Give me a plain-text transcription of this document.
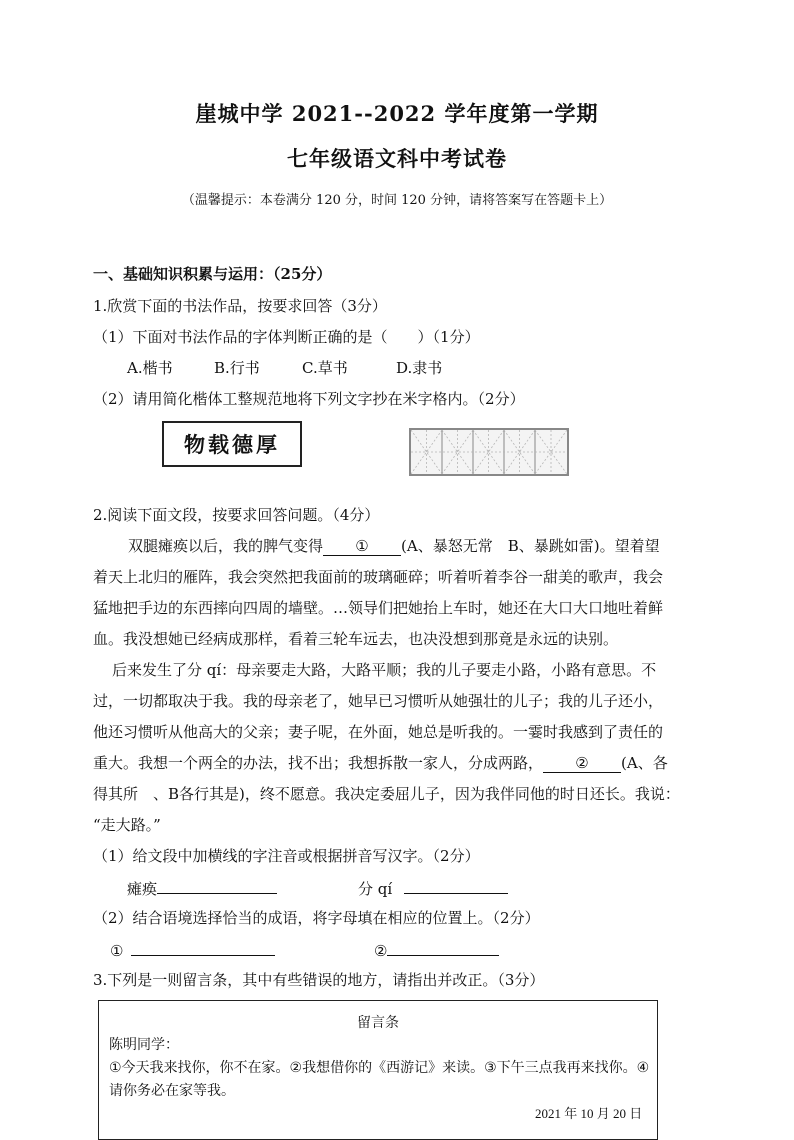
崖城中学 2021--2022 学年度第一学期
七年级语文科中考试卷
（温馨提示：本卷满分 120 分，时间 120 分钟，请将答案写在答题卡上）
一、基础知识积累与运用：（25分）
1.欣赏下面的书法作品，按要求回答（3分）
（1）下面对书法作品的字体判断正确的是（　　）（1分）
A.楷书	B.行书	C.草书	D.隶书
（2）请用简化楷体工整规范地将下列文字抄在米字格内。（2分）
物载德厚
2.阅读下面文段，按要求回答问题。（4分）
双腿瘫痪以后，我的脾气变得 ① (A、暴怒无常　B、暴跳如雷)。望着望
着天上北归的雁阵，我会突然把我面前的玻璃砸碎；听着听着李谷一甜美的歌声，我会
猛地把手边的东西摔向四周的墙壁。…领导们把她抬上车时，她还在大口大口地吐着鲜
血。我没想她已经病成那样，看着三轮车远去，也决没想到那竟是永远的诀别。
后来发生了分 qí：母亲要走大路，大路平顺；我的儿子要走小路，小路有意思。不
过，一切都取决于我。我的母亲老了，她早已习惯听从她强壮的儿子；我的儿子还小，
他还习惯听从他高大的父亲；妻子呢，在外面，她总是听我的。一霎时我感到了责任的
重大。我想一个两全的办法，找不出；我想拆散一家人，分成两路， ② (A、各
得其所　、B各行其是)，终不愿意。我决定委屈儿子，因为我伴同他的时日还长。我说：
“走大路。”
（1）给文段中加横线的字注音或根据拼音写汉字。（2分）
瘫痪	分 qí
（2）结合语境选择恰当的成语，将字母填在相应的位置上。（2分）
①	②
3.下列是一则留言条，其中有些错误的地方，请指出并改正。（3分）
留言条
陈明同学：
①今天我来找你，你不在家。②我想借你的《西游记》来读。③下午三点我再来找你。④
请你务必在家等我。
2021 年 10 月 20 日
